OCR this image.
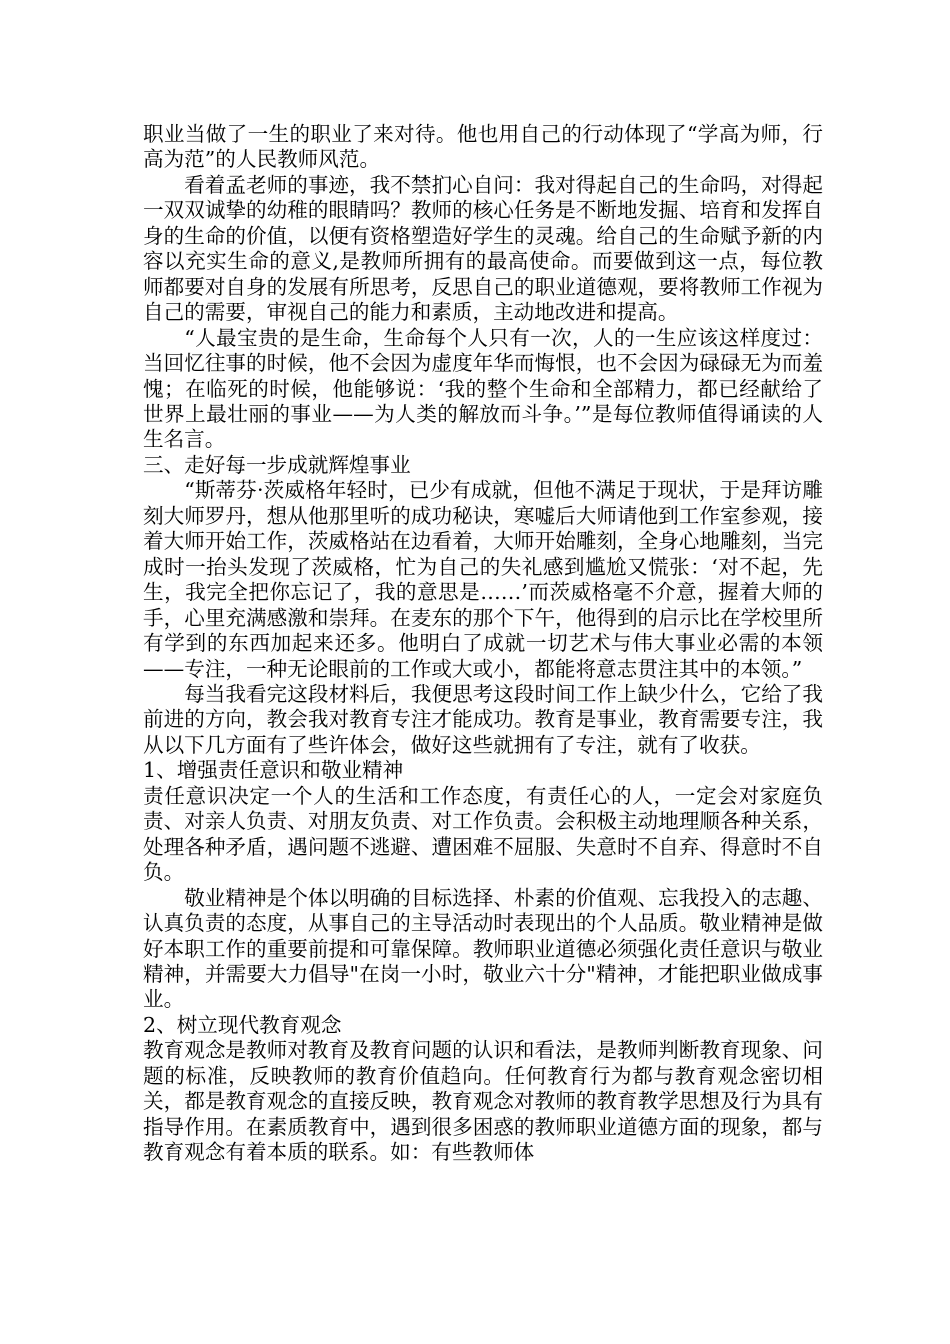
职业当做了一生的职业了来对待。他也用自己的行动体现了“学高为师，行高为范”的人民教师风范。

看着孟老师的事迹，我不禁扪心自问：我对得起自己的生命吗，对得起一双双诚挚的幼稚的眼睛吗？教师的核心任务是不断地发掘、培育和发挥自身的生命的价值，以便有资格塑造好学生的灵魂。给自己的生命赋予新的内容以充实生命的意义,是教师所拥有的最高使命。而要做到这一点，每位教师都要对自身的发展有所思考，反思自己的职业道德观，要将教师工作视为自己的需要，审视自己的能力和素质，主动地改进和提高。

“人最宝贵的是生命，生命每个人只有一次，人的一生应该这样度过：当回忆往事的时候，他不会因为虚度年华而悔恨，也不会因为碌碌无为而羞愧；在临死的时候，他能够说：‘我的整个生命和全部精力，都已经献给了世界上最壮丽的事业——为人类的解放而斗争。’”是每位教师值得诵读的人生名言。

三、走好每一步成就辉煌事业

“斯蒂芬·茨威格年轻时，已少有成就，但他不满足于现状，于是拜访雕刻大师罗丹，想从他那里听的成功秘诀，寒嘘后大师请他到工作室参观，接着大师开始工作，茨威格站在边看着，大师开始雕刻，全身心地雕刻，当完成时一抬头发现了茨威格，忙为自己的失礼感到尴尬又慌张：‘对不起，先生，我完全把你忘记了，我的意思是……’而茨威格毫不介意，握着大师的手，心里充满感激和崇拜。在麦东的那个下午，他得到的启示比在学校里所有学到的东西加起来还多。他明白了成就一切艺术与伟大事业必需的本领——专注，一种无论眼前的工作或大或小，都能将意志贯注其中的本领。”

每当我看完这段材料后，我便思考这段时间工作上缺少什么，它给了我前进的方向，教会我对教育专注才能成功。教育是事业，教育需要专注，我从以下几方面有了些许体会，做好这些就拥有了专注，就有了收获。

1、增强责任意识和敬业精神

责任意识决定一个人的生活和工作态度，有责任心的人，一定会对家庭负责、对亲人负责、对朋友负责、对工作负责。会积极主动地理顺各种关系，处理各种矛盾，遇问题不逃避、遭困难不屈服、失意时不自弃、得意时不自负。

敬业精神是个体以明确的目标选择、朴素的价值观、忘我投入的志趣、认真负责的态度，从事自己的主导活动时表现出的个人品质。敬业精神是做好本职工作的重要前提和可靠保障。教师职业道德必须强化责任意识与敬业精神，并需要大力倡导"在岗一小时，敬业六十分"精神，才能把职业做成事业。

2、树立现代教育观念

教育观念是教师对教育及教育问题的认识和看法，是教师判断教育现象、问题的标准，反映教师的教育价值趋向。任何教育行为都与教育观念密切相关，都是教育观念的直接反映，教育观念对教师的教育教学思想及行为具有指导作用。在素质教育中，遇到很多困惑的教师职业道德方面的现象，都与教育观念有着本质的联系。如：有些教师体
